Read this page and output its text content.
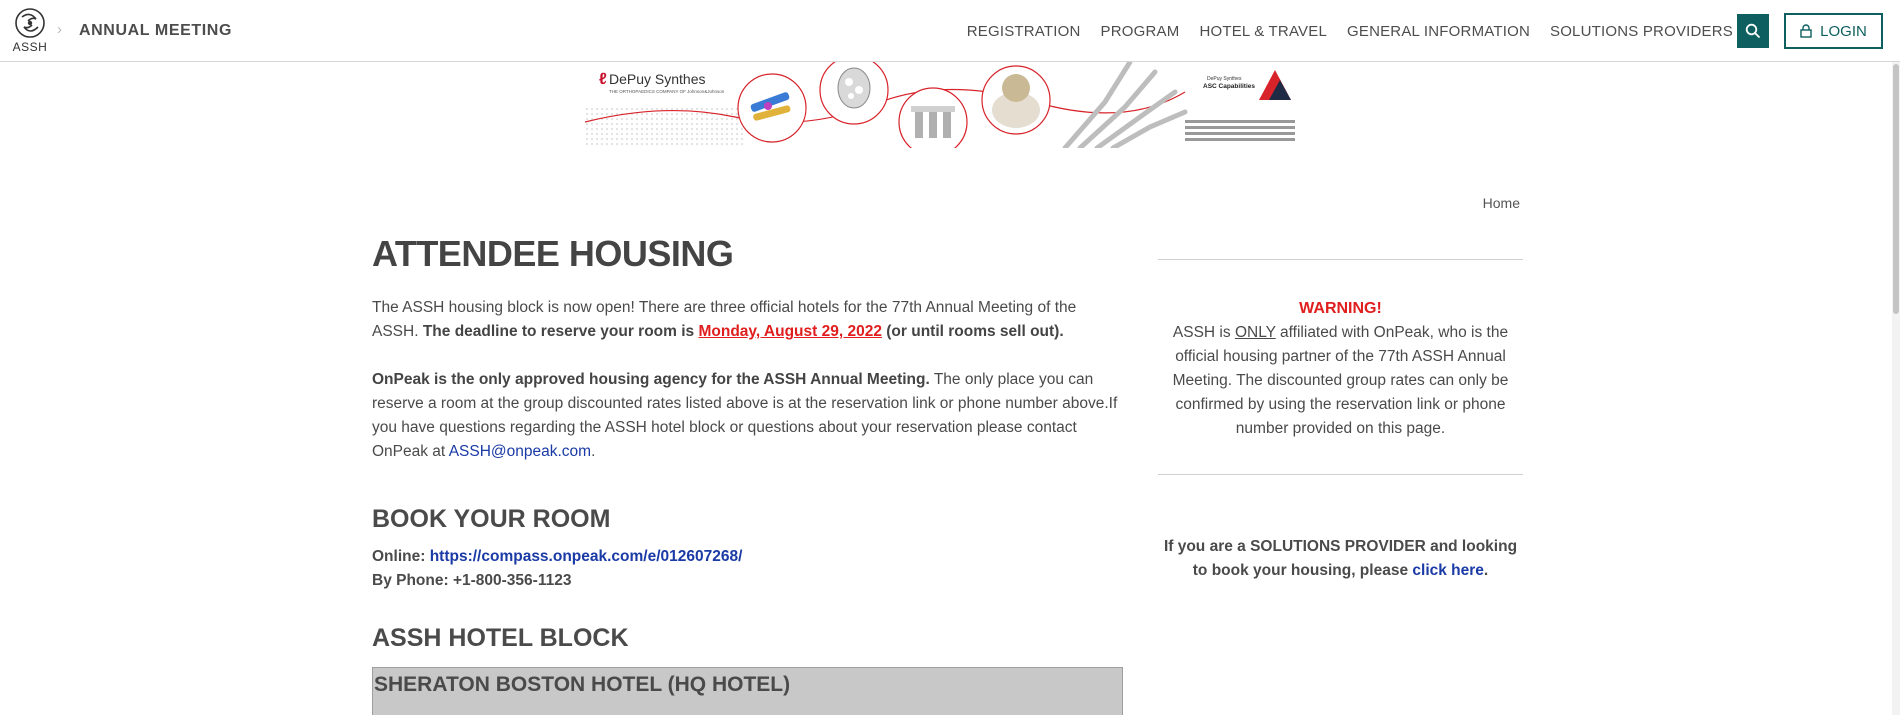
ASSH
› ANNUAL MEETING	REGISTRATION PROGRAM HOTEL & TRAVEL GENERAL INFORMATION SOLUTIONS PROVIDERS	LOGIN
ℓ DePuy Synthes
THE ORTHOPAEDICS COMPANY OF Johnson&Johnson
DePuy Synthes
ASC Capabilities
Home
ATTENDEE HOUSING

The ASSH housing block is now open! There are three official hotels for the 77th Annual Meeting of the ASSH. The deadline to reserve your room is Monday, August 29, 2022 (or until rooms sell out).

OnPeak is the only approved housing agency for the ASSH Annual Meeting. The only place you can reserve a room at the group discounted rates listed above is at the reservation link or phone number above.If you have questions regarding the ASSH hotel block or questions about your reservation please contact OnPeak at ASSH@onpeak.com.

BOOK YOUR ROOM
Online: https://compass.onpeak.com/e/012607268/
By Phone: +1-800-356-1123
ASSH HOTEL BLOCK
SHERATON BOSTON HOTEL (HQ HOTEL)
WARNING!
ASSH is ONLY affiliated with OnPeak, who is the official housing partner of the 77th ASSH Annual Meeting. The discounted group rates can only be confirmed by using the reservation link or phone number provided on this page.
If you are a SOLUTIONS PROVIDER and looking to book your housing, please click here.
